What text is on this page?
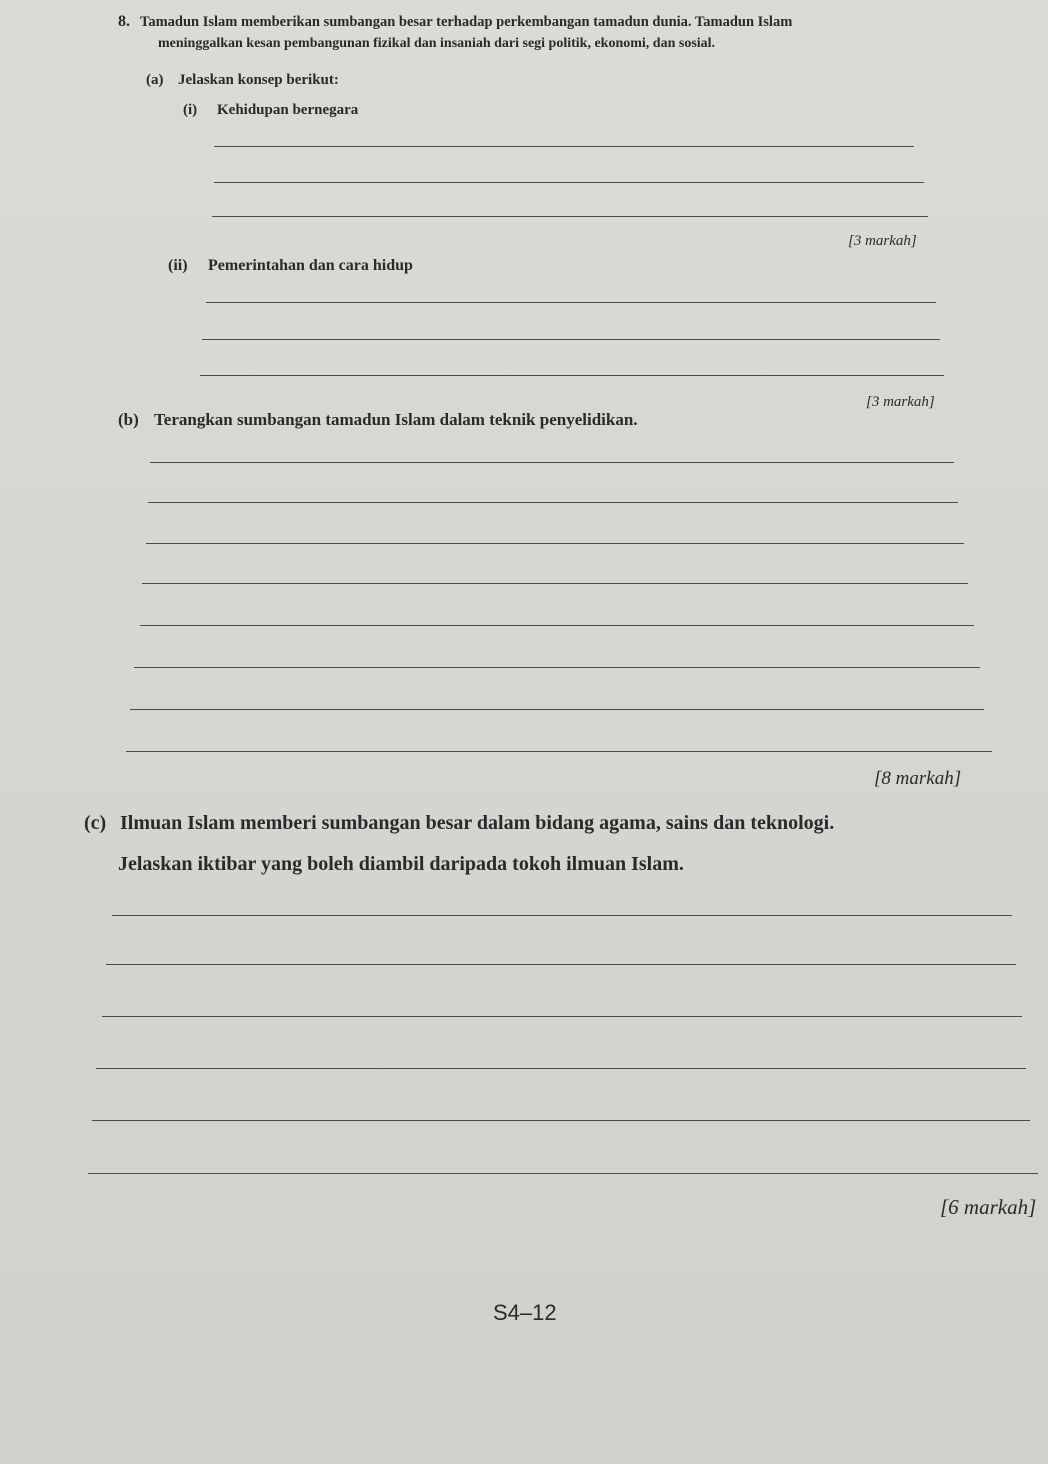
8. Tamadun Islam memberikan sumbangan besar terhadap perkembangan tamadun dunia. Tamadun Islam
meninggalkan kesan pembangunan fizikal dan insaniah dari segi politik, ekonomi, dan sosial.
(a) Jelaskan konsep berikut:
(i) Kehidupan bernegara
[3 markah]
(ii) Pemerintahan dan cara hidup
[3 markah]
(b) Terangkan sumbangan tamadun Islam dalam teknik penyelidikan.
[8 markah]
(c) Ilmuan Islam memberi sumbangan besar dalam bidang agama, sains dan teknologi.
Jelaskan iktibar yang boleh diambil daripada tokoh ilmuan Islam.
[6 markah]
S4–12
